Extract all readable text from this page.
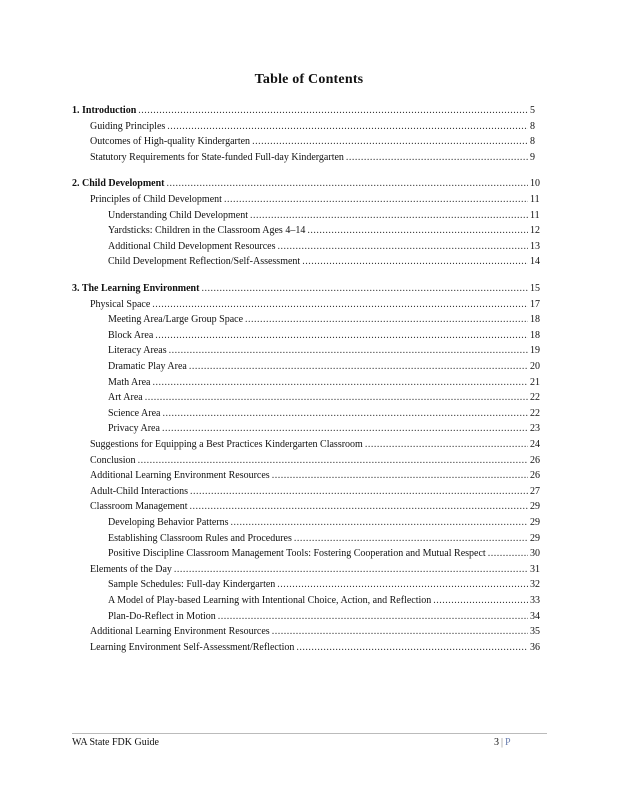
Table of Contents
1. Introduction .....	5
Guiding Principles .....	8
Outcomes of High-quality Kindergarten .....	8
Statutory Requirements for State-funded Full-day Kindergarten .....	9
2. Child Development .....	10
Principles of Child Development .....	11
Understanding Child Development .....	11
Yardsticks: Children in the Classroom Ages 4–14 .....	12
Additional Child Development Resources .....	13
Child Development Reflection/Self-Assessment .....	14
3. The Learning Environment .....	15
Physical Space .....	17
Meeting Area/Large Group Space .....	18
Block Area .....	18
Literacy Areas .....	19
Dramatic Play Area .....	20
Math Area .....	21
Art Area .....	22
Science Area .....	22
Privacy Area .....	23
Suggestions for Equipping a Best Practices Kindergarten Classroom .....	24
Conclusion .....	26
Additional Learning Environment Resources .....	26
Adult-Child Interactions .....	27
Classroom Management .....	29
Developing Behavior Patterns .....	29
Establishing Classroom Rules and Procedures .....	29
Positive Discipline Classroom Management Tools: Fostering Cooperation and Mutual Respect .....	30
Elements of the Day .....	31
Sample Schedules: Full-day Kindergarten .....	32
A Model of Play-based Learning with Intentional Choice, Action, and Reflection .....	33
Plan-Do-Reflect in Motion .....	34
Additional Learning Environment Resources .....	35
Learning Environment Self-Assessment/Reflection .....	36
WA State FDK Guide	3 | P
